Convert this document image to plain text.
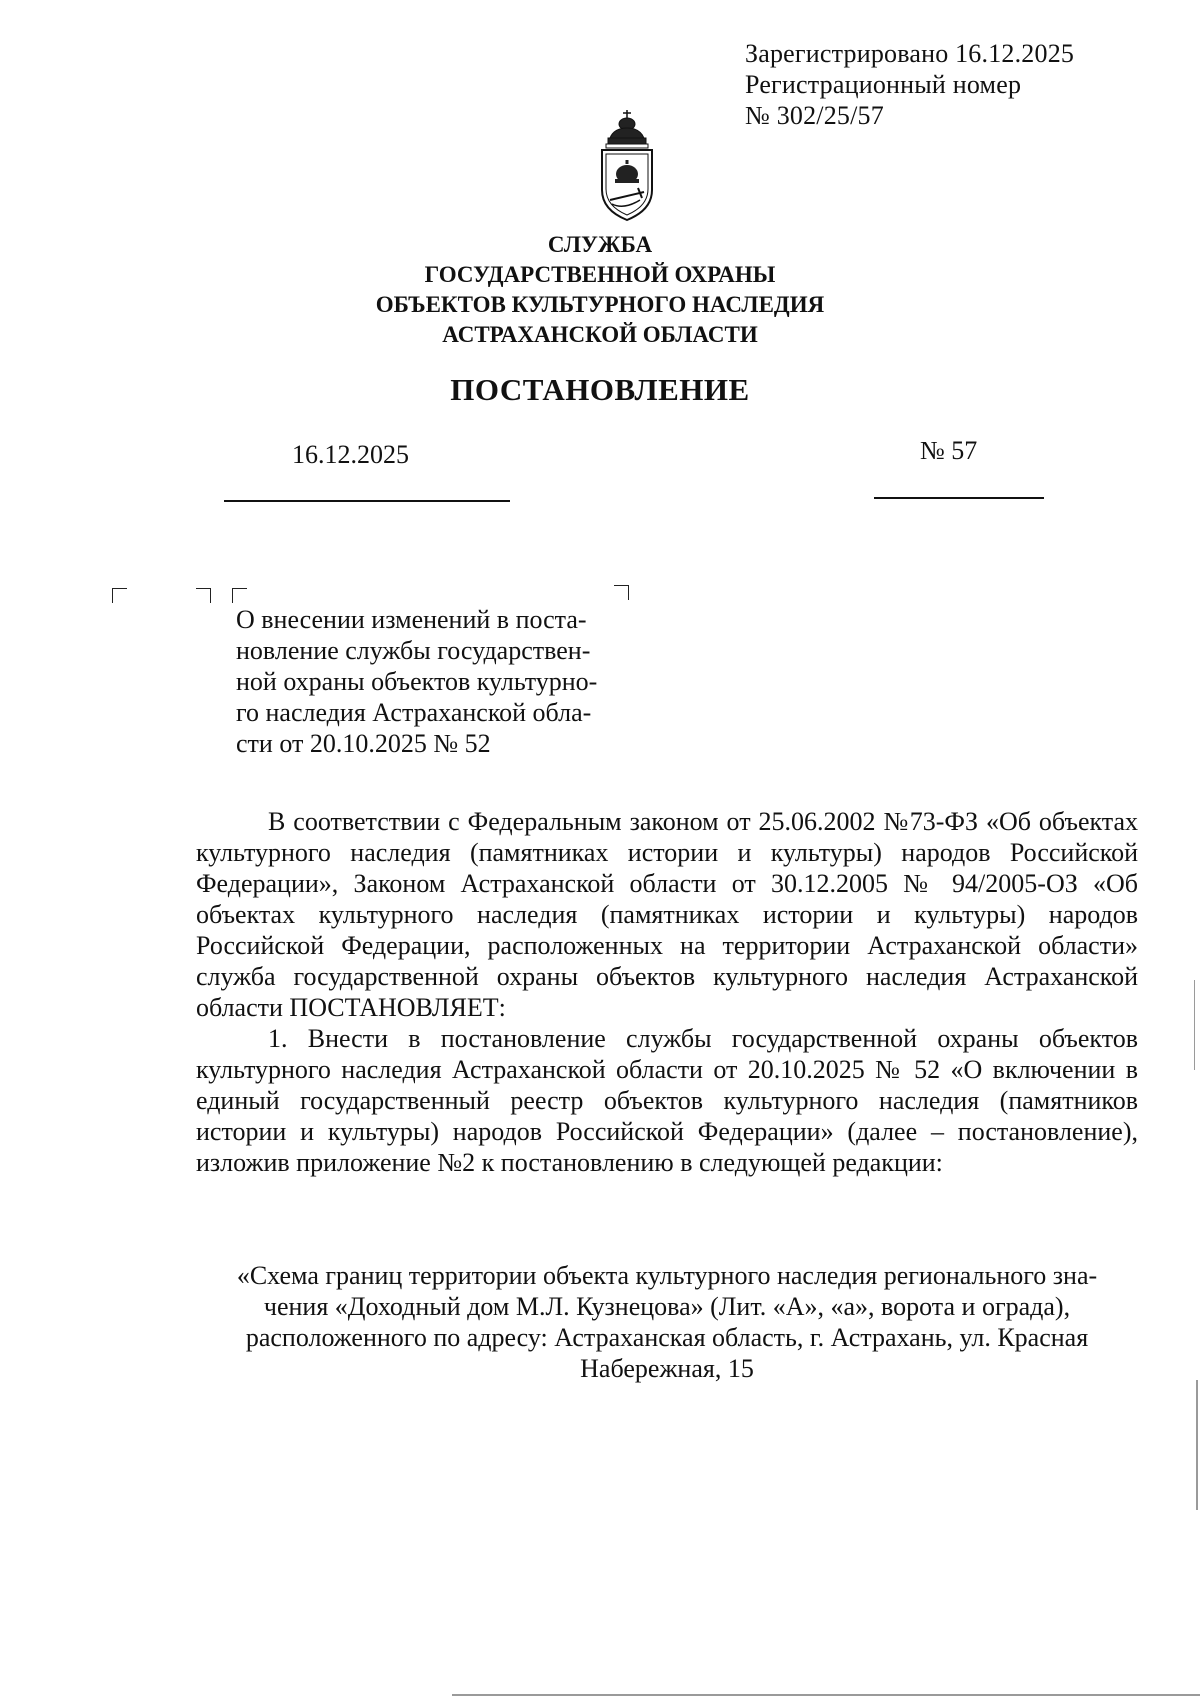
Зарегистрировано 16.12.2025
Регистрационный номер
№ 302/25/57
СЛУЖБА
ГОСУДАРСТВЕННОЙ ОХРАНЫ
ОБЪЕКТОВ КУЛЬТУРНОГО НАСЛЕДИЯ
АСТРАХАНСКОЙ ОБЛАСТИ
ПОСТАНОВЛЕНИЕ
16.12.2025	№ 57
О внесении изменений в поста-
новление службы государствен-
ной охраны объектов культурно-
го наследия Астраханской обла-
сти от 20.10.2025 № 52

В соответствии с Федеральным законом от 25.06.2002 №73-ФЗ «Об объектах культурного наследия (памятниках истории и культуры) народов Российской Федерации», Законом Астраханской области от 30.12.2005 № 94/2005-ОЗ «Об объектах культурного наследия (памятниках истории и культуры) народов Российской Федерации, расположенных на территории Астраханской области» служба государственной охраны объектов культурного наследия Астраханской области ПОСТАНОВЛЯЕТ:

1. Внести в постановление службы государственной охраны объектов культурного наследия Астраханской области от 20.10.2025 № 52 «О включении в единый государственный реестр объектов культурного наследия (памятников истории и культуры) народов Российской Федерации» (далее – постановление), изложив приложение №2 к постановлению в следующей редакции:

«Схема границ территории объекта культурного наследия регионального зна-
чения «Доходный дом М.Л. Кузнецова» (Лит. «А», «а», ворота и ограда),
расположенного по адресу: Астраханская область, г. Астрахань, ул. Красная
Набережная, 15
